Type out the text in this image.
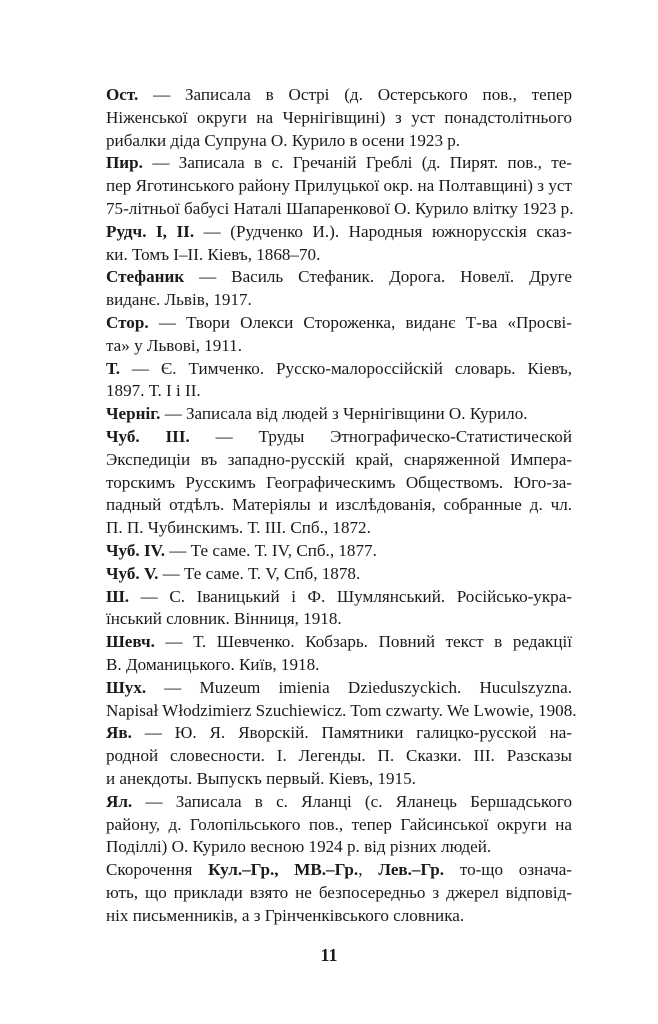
Ост. — Записала в Острі (д. Остерського пов., тепер
Ніженської округи на Чернігівщині) з уст понадстолітнього
рибалки діда Супруна О. Курило в осени 1923 р.
Пир. — Записала в с. Гречаній Греблі (д. Пирят. пов., те-
пер Яготинського району Прилуцької окр. на Полтавщині) з уст
75-літньої бабусі Наталі Шапаренкової О. Курило влітку 1923 р.
Рудч. I, II. — (Рудченко И.). Народныя южнорусскія сказ-
ки. Томъ I–II. Кіевъ, 1868–70.
Стефаник — Василь Стефаник. Дорога. Новелї. Друге
виданє. Львів, 1917.
Стор. — Твори Олекси Стороженка, виданє Т-ва «Просві-
та» у Львові, 1911.
Т. — Є. Тимченко. Русско-малороссійскій словарь. Кіевъ,
1897. Т. I і II.
Черніг. — Записала від людей з Чернігівщини О. Курило.
Чуб. III. — Труды Этнографическо-Статистической
Экспедиціи въ западно-русскій край, снаряженной Импера-
торскимъ Русскимъ Географическимъ Обществомъ. Юго-за-
падный отдѣлъ. Матеріялы и изслѣдованія, собранные д. чл.
П. П. Чубинскимъ. Т. III. Спб., 1872.
Чуб. IV. — Те саме. Т. IV, Спб., 1877.
Чуб. V. — Те саме. Т. V, Спб, 1878.
Ш. — С. Іваницький і Ф. Шумлянський. Російсько-укра-
їнський словник. Вінниця, 1918.
Шевч. — Т. Шевченко. Кобзарь. Повний текст в редакції
В. Доманицького. Київ, 1918.
Шух. — Muzeum imienia Dzieduszyckich. Huculszyzna.
Napisał Włodzimierz Szuchiewicz. Tom czwarty. We Lwowie, 1908.
Яв. — Ю. Я. Яворскій. Памятники галицко-русской на-
родной словесности. І. Легенды. П. Сказки. III. Разсказы
и анекдоты. Выпускъ первый. Кіевъ, 1915.
Ял. — Записала в с. Яланці (с. Яланець Бершадського
району, д. Голопільського пов., тепер Гайсинської округи на
Поділлі) О. Курило весною 1924 р. від різних людей.
Скорочення Кул.–Гр., МВ.–Гр., Лев.–Гр. то-що означа-
ють, що приклади взято не безпосередньо з джерел відповід-
ніх письменників, а з Грінченківського словника.
11
